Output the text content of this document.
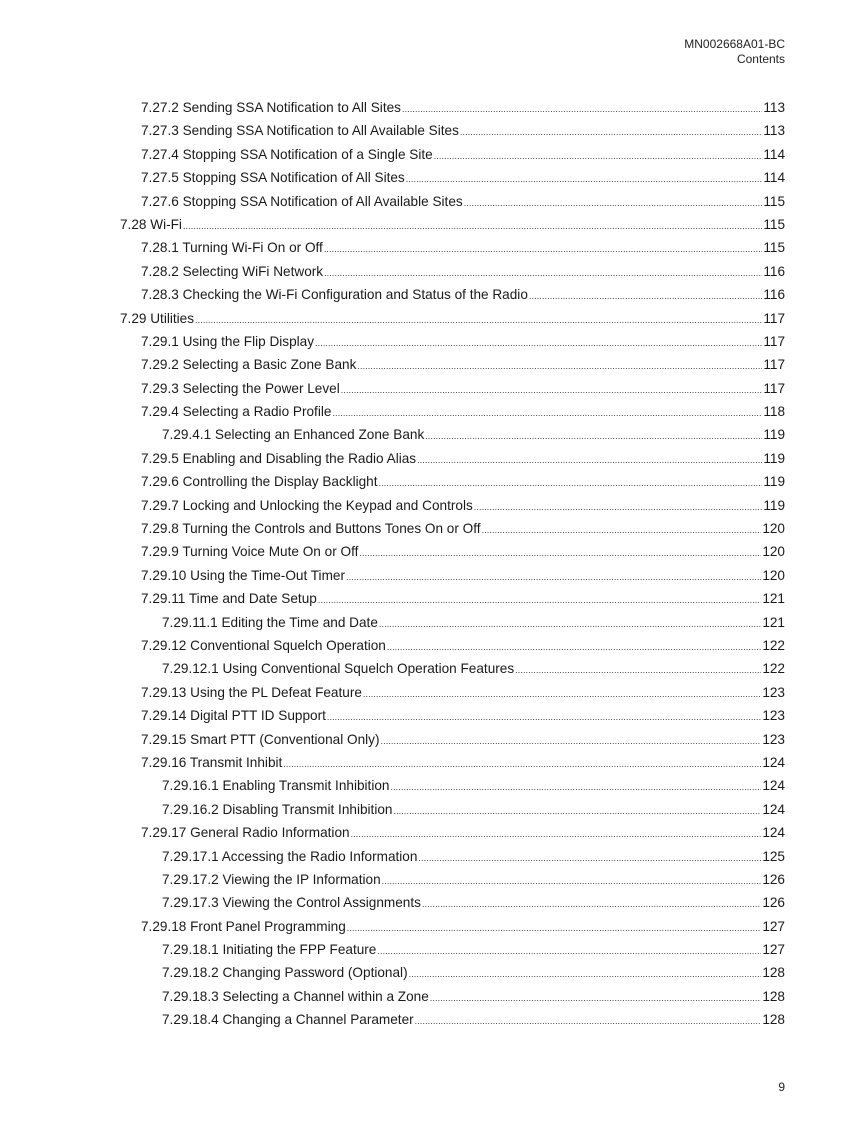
MN002668A01-BC
Contents
7.27.2 Sending SSA Notification to All Sites . . .	113
7.27.3 Sending SSA Notification to All Available Sites . . .	113
7.27.4 Stopping SSA Notification of a Single Site . . .	114
7.27.5 Stopping SSA Notification of All Sites . . .	114
7.27.6 Stopping SSA Notification of All Available Sites . . .	115
7.28 Wi-Fi . . .	115
7.28.1 Turning Wi-Fi On or Off . . .	115
7.28.2 Selecting WiFi Network . . .	116
7.28.3 Checking the Wi-Fi Configuration and Status of the Radio . . .	116
7.29 Utilities . . .	117
7.29.1 Using the Flip Display . . .	117
7.29.2 Selecting a Basic Zone Bank . . .	117
7.29.3 Selecting the Power Level . . .	117
7.29.4 Selecting a Radio Profile . . .	118
7.29.4.1 Selecting an Enhanced Zone Bank . . .	119
7.29.5 Enabling and Disabling the Radio Alias . . .	119
7.29.6 Controlling the Display Backlight . . .	119
7.29.7 Locking and Unlocking the Keypad and Controls . . .	119
7.29.8 Turning the Controls and Buttons Tones On or Off . . .	120
7.29.9 Turning Voice Mute On or Off . . .	120
7.29.10 Using the Time-Out Timer . . .	120
7.29.11 Time and Date Setup . . .	121
7.29.11.1 Editing the Time and Date . . .	121
7.29.12 Conventional Squelch Operation . . .	122
7.29.12.1 Using Conventional Squelch Operation Features . . .	122
7.29.13 Using the PL Defeat Feature . . .	123
7.29.14 Digital PTT ID Support . . .	123
7.29.15 Smart PTT (Conventional Only) . . .	123
7.29.16 Transmit Inhibit . . .	124
7.29.16.1 Enabling Transmit Inhibition . . .	124
7.29.16.2 Disabling Transmit Inhibition . . .	124
7.29.17 General Radio Information . . .	124
7.29.17.1 Accessing the Radio Information . . .	125
7.29.17.2 Viewing the IP Information . . .	126
7.29.17.3 Viewing the Control Assignments . . .	126
7.29.18 Front Panel Programming . . .	127
7.29.18.1 Initiating the FPP Feature . . .	127
7.29.18.2 Changing Password (Optional) . . .	128
7.29.18.3 Selecting a Channel within a Zone . . .	128
7.29.18.4 Changing a Channel Parameter . . .	128
9
